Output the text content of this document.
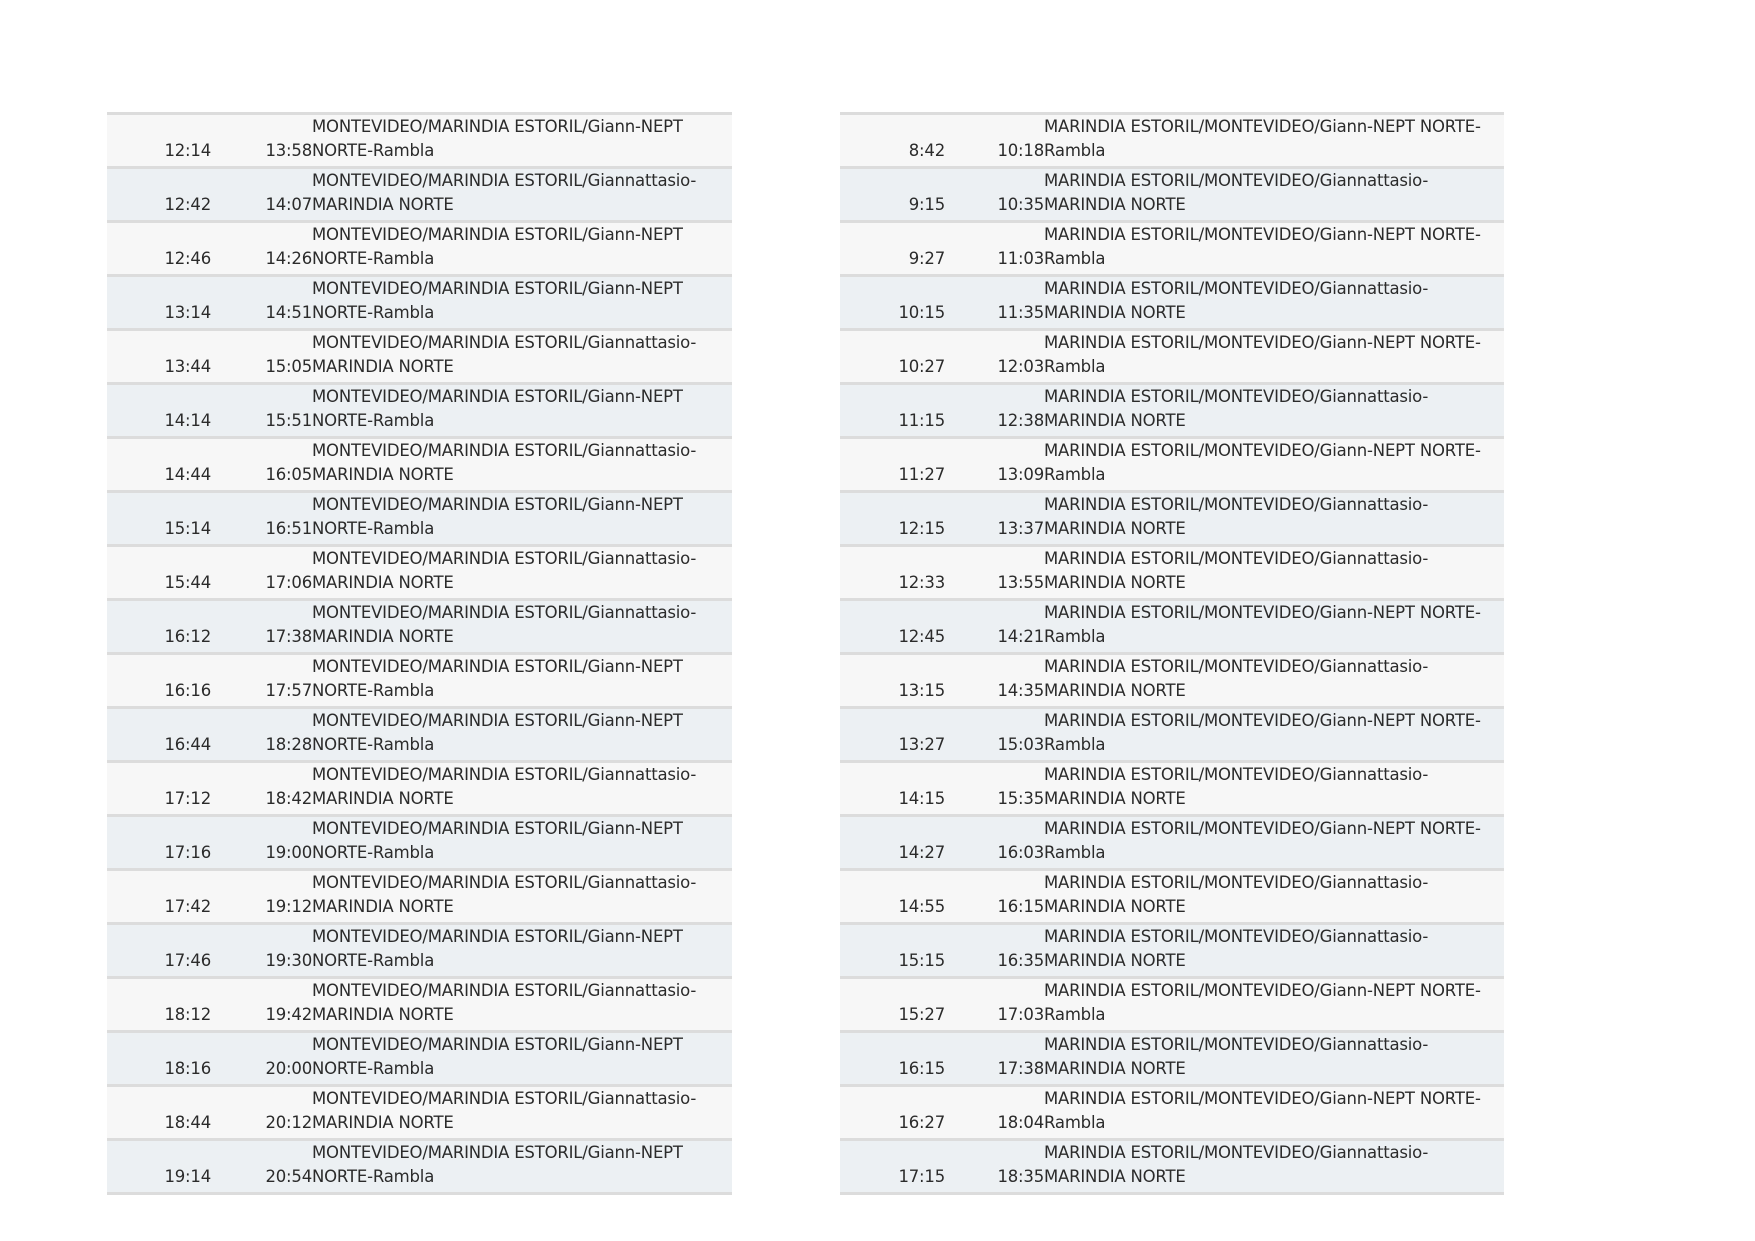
12:14	13:58	MONTEVIDEO/MARINDIA ESTORIL/Giann-NEPT NORTE-Rambla
12:42	14:07	MONTEVIDEO/MARINDIA ESTORIL/Giannattasio-MARINDIA NORTE
12:46	14:26	MONTEVIDEO/MARINDIA ESTORIL/Giann-NEPT NORTE-Rambla
13:14	14:51	MONTEVIDEO/MARINDIA ESTORIL/Giann-NEPT NORTE-Rambla
13:44	15:05	MONTEVIDEO/MARINDIA ESTORIL/Giannattasio-MARINDIA NORTE
14:14	15:51	MONTEVIDEO/MARINDIA ESTORIL/Giann-NEPT NORTE-Rambla
14:44	16:05	MONTEVIDEO/MARINDIA ESTORIL/Giannattasio-MARINDIA NORTE
15:14	16:51	MONTEVIDEO/MARINDIA ESTORIL/Giann-NEPT NORTE-Rambla
15:44	17:06	MONTEVIDEO/MARINDIA ESTORIL/Giannattasio-MARINDIA NORTE
16:12	17:38	MONTEVIDEO/MARINDIA ESTORIL/Giannattasio-MARINDIA NORTE
16:16	17:57	MONTEVIDEO/MARINDIA ESTORIL/Giann-NEPT NORTE-Rambla
16:44	18:28	MONTEVIDEO/MARINDIA ESTORIL/Giann-NEPT NORTE-Rambla
17:12	18:42	MONTEVIDEO/MARINDIA ESTORIL/Giannattasio-MARINDIA NORTE
17:16	19:00	MONTEVIDEO/MARINDIA ESTORIL/Giann-NEPT NORTE-Rambla
17:42	19:12	MONTEVIDEO/MARINDIA ESTORIL/Giannattasio-MARINDIA NORTE
17:46	19:30	MONTEVIDEO/MARINDIA ESTORIL/Giann-NEPT NORTE-Rambla
18:12	19:42	MONTEVIDEO/MARINDIA ESTORIL/Giannattasio-MARINDIA NORTE
18:16	20:00	MONTEVIDEO/MARINDIA ESTORIL/Giann-NEPT NORTE-Rambla
18:44	20:12	MONTEVIDEO/MARINDIA ESTORIL/Giannattasio-MARINDIA NORTE
19:14	20:54	MONTEVIDEO/MARINDIA ESTORIL/Giann-NEPT NORTE-Rambla
8:42	10:18	MARINDIA ESTORIL/MONTEVIDEO/Giann-NEPT NORTE-Rambla
9:15	10:35	MARINDIA ESTORIL/MONTEVIDEO/Giannattasio-MARINDIA NORTE
9:27	11:03	MARINDIA ESTORIL/MONTEVIDEO/Giann-NEPT NORTE-Rambla
10:15	11:35	MARINDIA ESTORIL/MONTEVIDEO/Giannattasio-MARINDIA NORTE
10:27	12:03	MARINDIA ESTORIL/MONTEVIDEO/Giann-NEPT NORTE-Rambla
11:15	12:38	MARINDIA ESTORIL/MONTEVIDEO/Giannattasio-MARINDIA NORTE
11:27	13:09	MARINDIA ESTORIL/MONTEVIDEO/Giann-NEPT NORTE-Rambla
12:15	13:37	MARINDIA ESTORIL/MONTEVIDEO/Giannattasio-MARINDIA NORTE
12:33	13:55	MARINDIA ESTORIL/MONTEVIDEO/Giannattasio-MARINDIA NORTE
12:45	14:21	MARINDIA ESTORIL/MONTEVIDEO/Giann-NEPT NORTE-Rambla
13:15	14:35	MARINDIA ESTORIL/MONTEVIDEO/Giannattasio-MARINDIA NORTE
13:27	15:03	MARINDIA ESTORIL/MONTEVIDEO/Giann-NEPT NORTE-Rambla
14:15	15:35	MARINDIA ESTORIL/MONTEVIDEO/Giannattasio-MARINDIA NORTE
14:27	16:03	MARINDIA ESTORIL/MONTEVIDEO/Giann-NEPT NORTE-Rambla
14:55	16:15	MARINDIA ESTORIL/MONTEVIDEO/Giannattasio-MARINDIA NORTE
15:15	16:35	MARINDIA ESTORIL/MONTEVIDEO/Giannattasio-MARINDIA NORTE
15:27	17:03	MARINDIA ESTORIL/MONTEVIDEO/Giann-NEPT NORTE-Rambla
16:15	17:38	MARINDIA ESTORIL/MONTEVIDEO/Giannattasio-MARINDIA NORTE
16:27	18:04	MARINDIA ESTORIL/MONTEVIDEO/Giann-NEPT NORTE-Rambla
17:15	18:35	MARINDIA ESTORIL/MONTEVIDEO/Giannattasio-MARINDIA NORTE
